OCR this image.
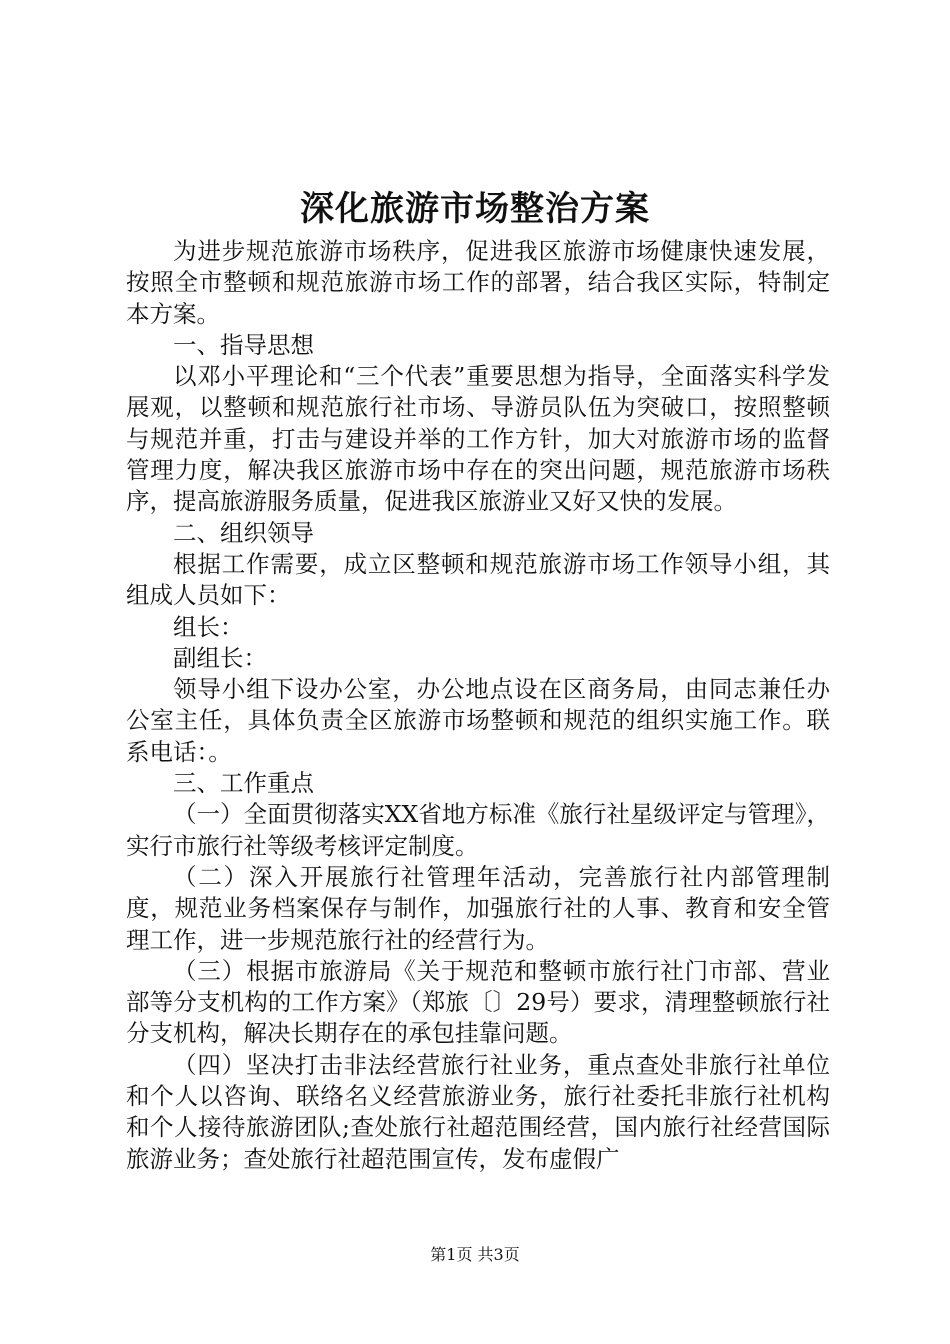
深化旅游市场整治方案

为进步规范旅游市场秩序，促进我区旅游市场健康快速发展，按照全市整顿和规范旅游市场工作的部署，结合我区实际，特制定本方案。

一、指导思想

以邓小平理论和“三个代表”重要思想为指导，全面落实科学发展观，以整顿和规范旅行社市场、导游员队伍为突破口，按照整顿与规范并重，打击与建设并举的工作方针，加大对旅游市场的监督管理力度，解决我区旅游市场中存在的突出问题，规范旅游市场秩序，提高旅游服务质量，促进我区旅游业又好又快的发展。

二、组织领导

根据工作需要，成立区整顿和规范旅游市场工作领导小组，其组成人员如下：

组长：

副组长：

领导小组下设办公室，办公地点设在区商务局，由同志兼任办公室主任，具体负责全区旅游市场整顿和规范的组织实施工作。联系电话：。

三、工作重点

（一）全面贯彻落实XX省地方标准《旅行社星级评定与管理》，实行市旅行社等级考核评定制度。

（二）深入开展旅行社管理年活动，完善旅行社内部管理制度，规范业务档案保存与制作，加强旅行社的人事、教育和安全管理工作，进一步规范旅行社的经营行为。

（三）根据市旅游局《关于规范和整顿市旅行社门市部、营业部等分支机构的工作方案》（郑旅〔〕29号）要求，清理整顿旅行社分支机构，解决长期存在的承包挂靠问题。

（四）坚决打击非法经营旅行社业务，重点查处非旅行社单位和个人以咨询、联络名义经营旅游业务，旅行社委托非旅行社机构和个人接待旅游团队;查处旅行社超范围经营，国内旅行社经营国际旅游业务；查处旅行社超范围宣传，发布虚假广

第1页 共3页
